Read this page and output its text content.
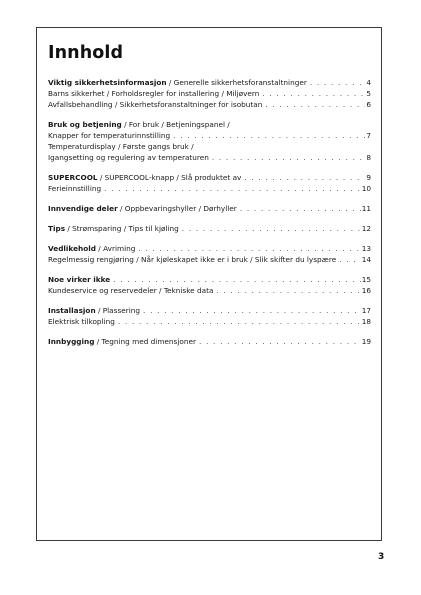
Innhold
Viktig sikkerhetsinformasjon / Generelle sikkerhetsforanstaltninger . . .	4
Barns sikkerhet / Forholdsregler for installering / Miljøvern . . .	5
Avfallsbehandling / Sikkerhetsforanstaltninger for isobutan . . .	6
Bruk og betjening / For bruk / Betjeningspanel /
Knapper for temperaturinnstilling . . .	7
Temperaturdisplay / Første gangs bruk /
Igangsetting og regulering av temperaturen . . .	8
SUPERCOOL / SUPERCOOL-knapp / Slå produktet av . . .	9
Ferieinnstilling . . .	10
Innvendige deler / Oppbevaringshyller / Dørhyller . . .	11
Tips / Strømsparing / Tips til kjøling . . .	12
Vedlikehold / Avriming . . .	13
Regelmessig rengjøring / Når kjøleskapet ikke er i bruk / Slik skifter du lyspære . . .	14
Noe virker ikke . . .	15
Kundeservice og reservedeler / Tekniske data . . .	16
Installasjon / Plassering . . .	17
Elektrisk tilkopling . . .	18
Innbygging / Tegning med dimensjoner . . .	19
3
